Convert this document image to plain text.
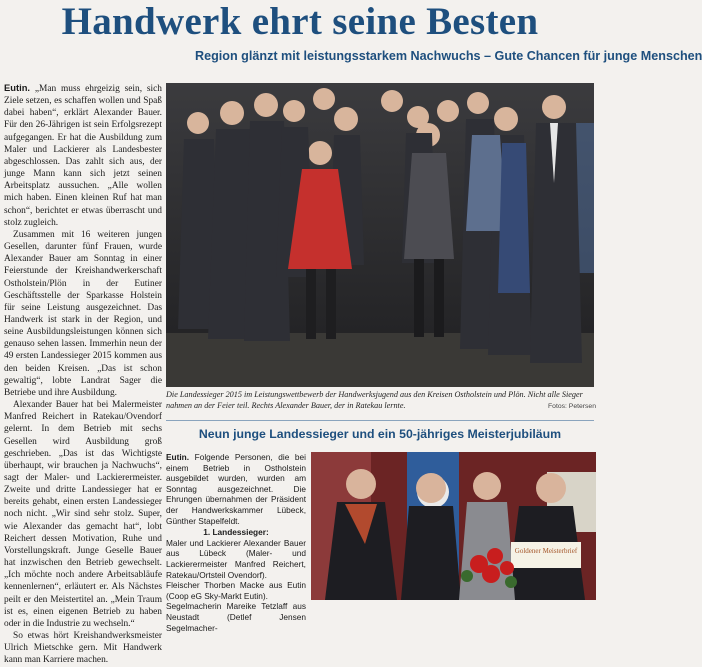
Handwerk ehrt seine Besten
Region glänzt mit leistungsstarkem Nachwuchs – Gute Chancen für junge Menschen

Eutin. „Man muss ehrgeizig sein, sich Ziele setzen, es schaffen wollen und Spaß dabei haben“, erklärt Alexander Bauer. Für den 26-Jährigen ist sein Erfolgsrezept aufgegangen. Er hat die Ausbildung zum Maler und Lackierer als Landesbester abgeschlossen. Das zahlt sich aus, der junge Mann kann sich jetzt seinen Arbeitsplatz aussuchen. „Alle wollen mich haben. Einen kleinen Ruf hat man schon“, berichtet er etwas überrascht und stolz zugleich.

Zusammen mit 16 weiteren jungen Gesellen, darunter fünf Frauen, wurde Alexander Bauer am Sonntag in einer Feierstunde der Kreishandwerkerschaft Ostholstein/Plön in der Eutiner Geschäftsstelle der Sparkasse Holstein für seine Leistung ausgezeichnet. Das Handwerk ist stark in der Region, und seine Ausbildungsleistungen können sich genauso sehen lassen. Immerhin neun der 49 ersten Landessieger 2015 kommen aus den beiden Kreisen. „Das ist schon gewaltig“, lobte Landrat Sager die Betriebe und ihre Ausbildung.

Alexander Bauer hat bei Malermeister Manfred Reichert in Ratekau/Ovendorf gelernt. In dem Betrieb mit sechs Gesellen wird Ausbildung groß geschrieben. „Das ist das Wichtigste überhaupt, wir brauchen ja Nachwuchs“, sagt der Maler- und Lackierermeister. Zweite und dritte Landessieger hat er bereits gehabt, einen ersten Landessieger noch nicht. „Wir sind sehr stolz. Super, wie Alexander das gemacht hat“, lobt Reichert dessen Motivation, Ruhe und Vorstellungskraft. Junge Geselle Bauer hat inzwischen den Betrieb gewechselt. „Ich möchte noch andere Arbeitsabläufe kennenlernen“, erläutert er. Als Nächstes peilt er den Meistertitel an. „Mein Traum ist es, einen eigenen Betrieb zu haben oder in die Industrie zu wechseln.“

So etwas hört Kreishandwerksmeister Ulrich Mietschke gern. Mit Handwerk kann man Karriere machen.

Die Landessieger 2015 im Leistungswettbewerb der Handwerksjugend aus den Kreisen Ostholstein und Plön. Nicht alle Sieger nahmen an der Feier teil. Rechts Alexander Bauer, der in Ratekau lernte.	Fotos: Petersen
Neun junge Landessieger und ein 50-jähriges Meisterjubiläum

Eutin. Folgende Personen, die bei einem Betrieb in Ostholstein ausgebildet wurden, wurden am Sonntag ausgezeichnet. Die Ehrungen übernahmen der Präsident der Handwerkskammer Lübeck, Günther Stapelfeldt.

1. Landessieger:

Maler und Lackierer Alexander Bauer aus Lübeck (Maler- und Lackierermeister Manfred Reichert, Ratekau/Ortsteil Ovendorf).

Fleischer Thorben Macke aus Eutin (Coop eG Sky-Markt Eutin).

Segelmacherin Mareike Tetzlaff aus Neustadt (Detlef Jensen Segelmacher-

Goldener Meisterbrief
